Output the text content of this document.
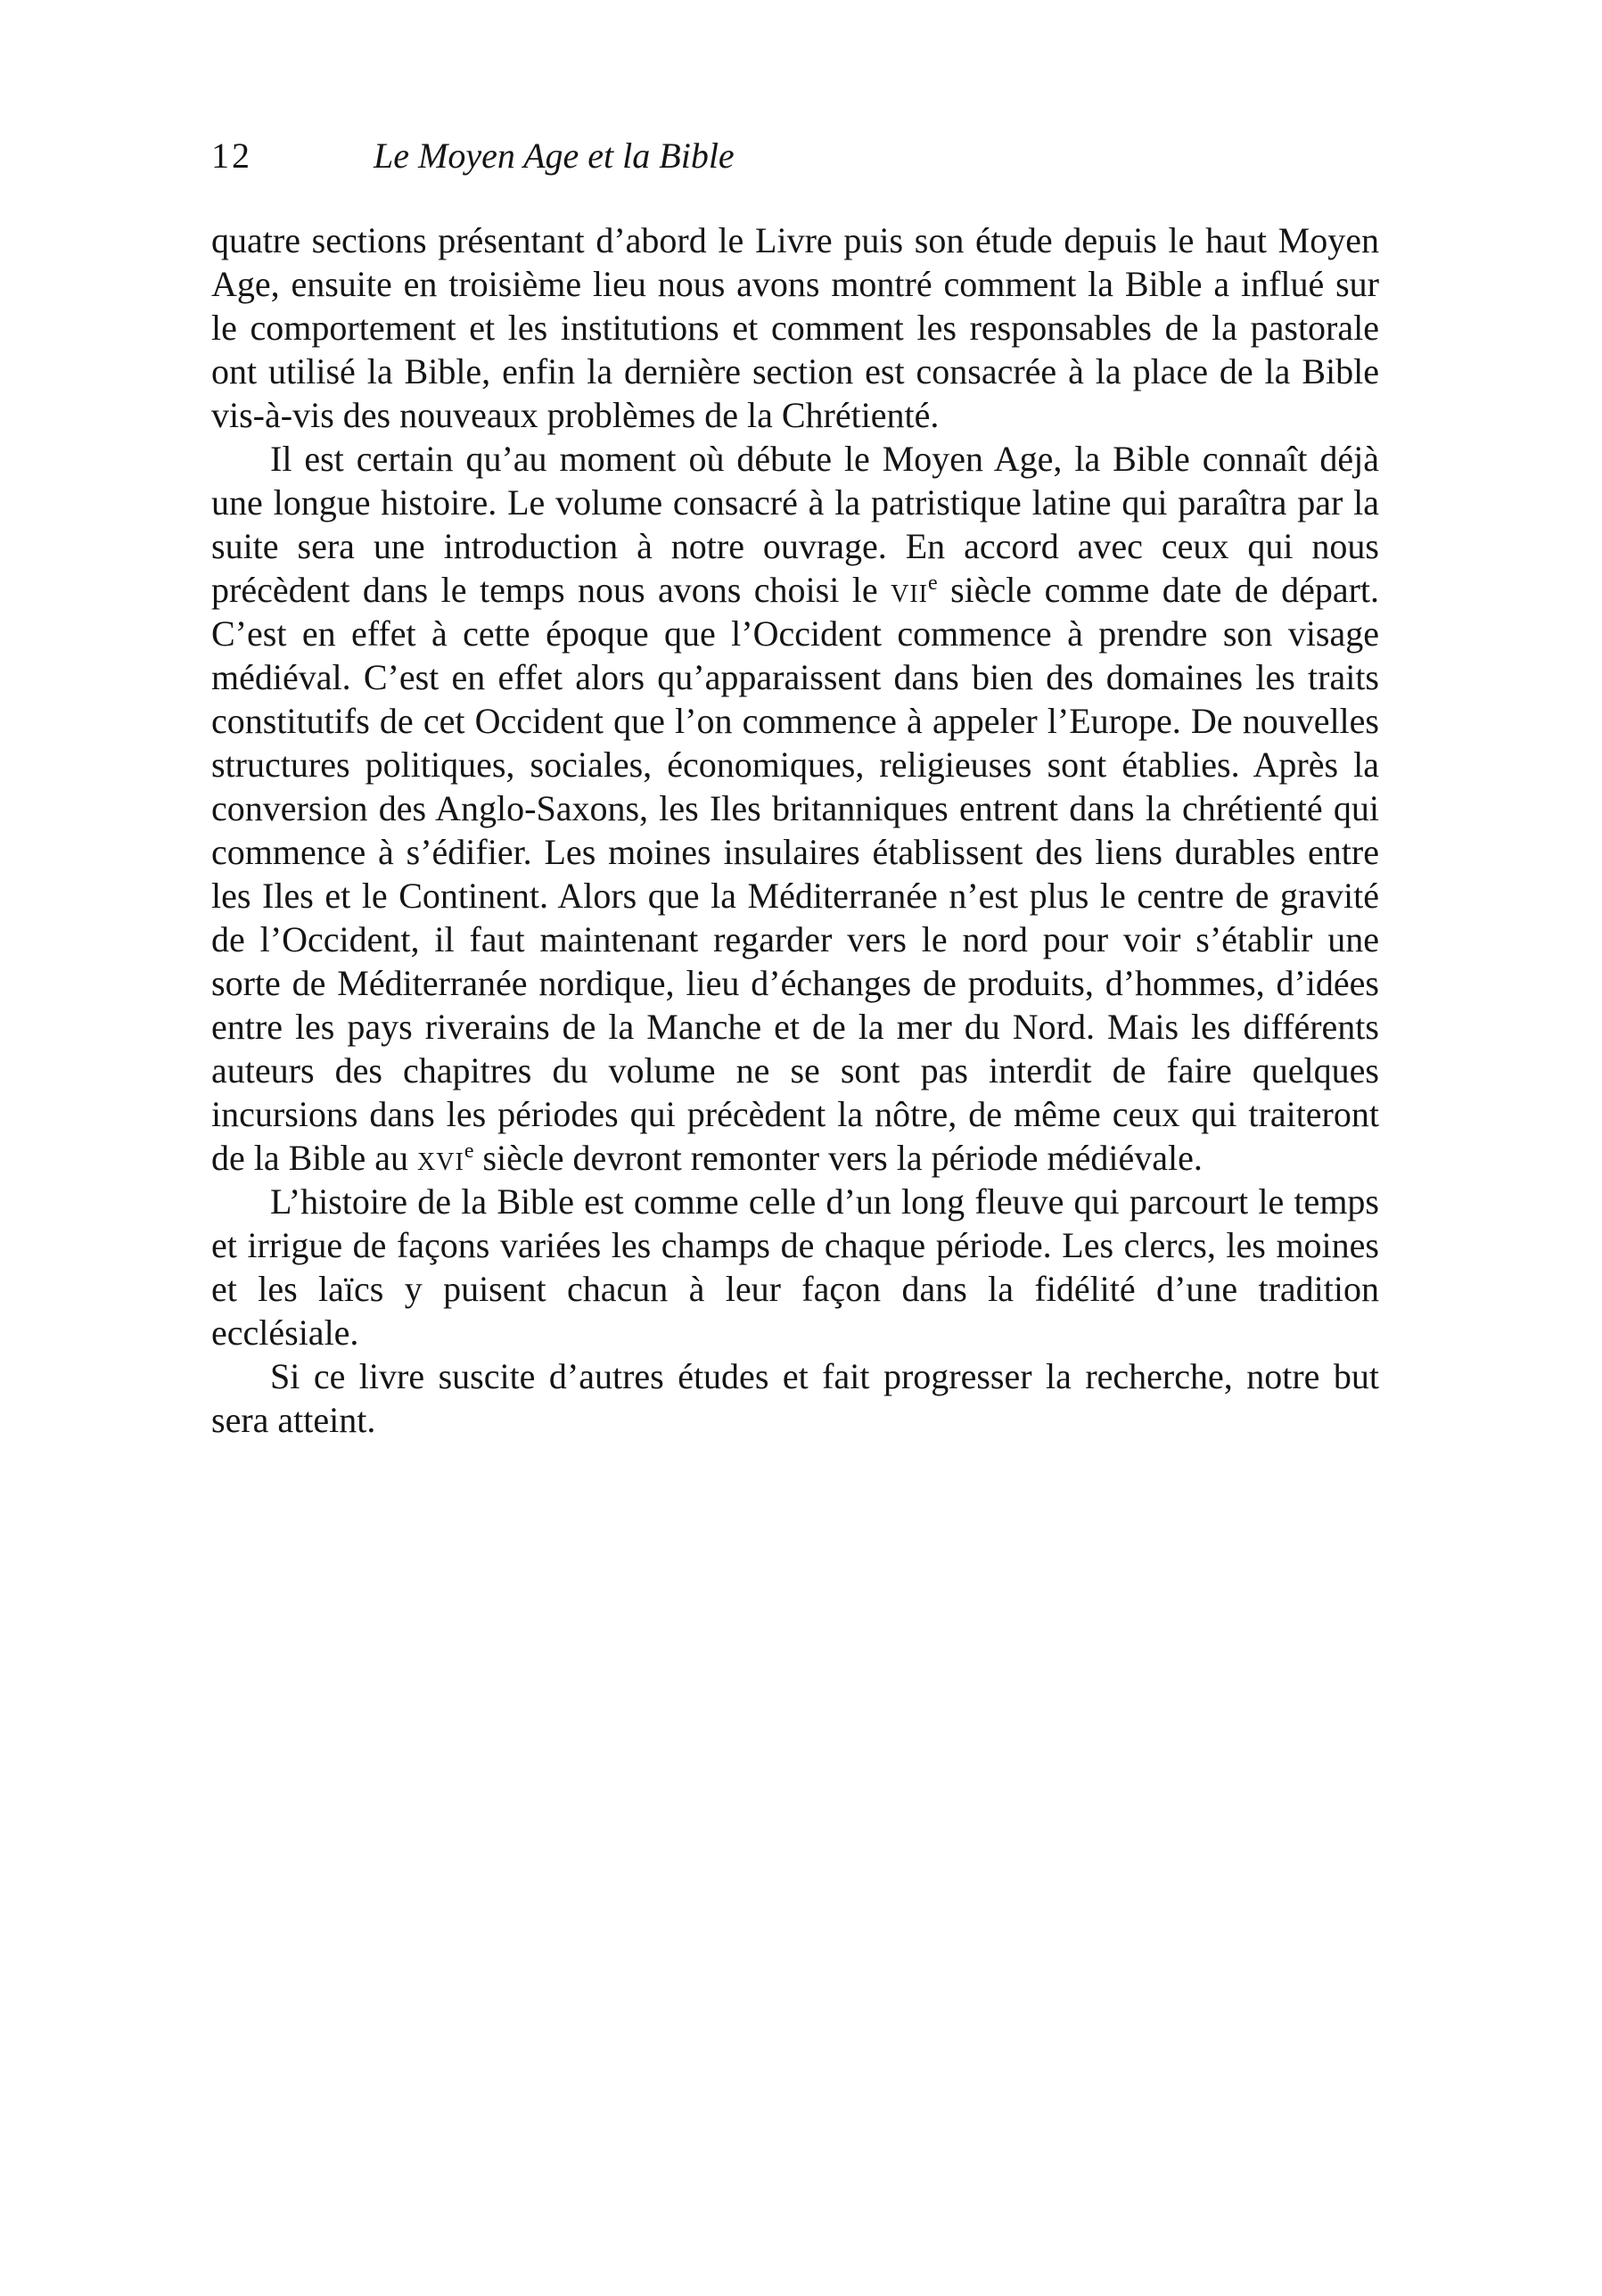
12	Le Moyen Age et la Bible

quatre sections présentant d’abord le Livre puis son étude depuis le haut Moyen Age, ensuite en troisième lieu nous avons montré comment la Bible a influé sur le comportement et les institutions et comment les responsables de la pastorale ont utilisé la Bible, enfin la dernière section est consacrée à la place de la Bible vis-à-vis des nouveaux problèmes de la Chrétienté.

Il est certain qu’au moment où débute le Moyen Age, la Bible connaît déjà une longue histoire. Le volume consacré à la patristique latine qui paraîtra par la suite sera une introduction à notre ouvrage. En accord avec ceux qui nous précèdent dans le temps nous avons choisi le vii$^e$ siècle comme date de départ. C’est en effet à cette époque que l’Occident commence à prendre son visage médiéval. C’est en effet alors qu’apparaissent dans bien des domaines les traits constitutifs de cet Occident que l’on commence à appeler l’Europe. De nouvelles structures politiques, sociales, économiques, religieuses sont établies. Après la conversion des Anglo-Saxons, les Iles britanniques entrent dans la chrétienté qui commence à s’édifier. Les moines insulaires établissent des liens durables entre les Iles et le Continent. Alors que la Méditerranée n’est plus le centre de gravité de l’Occident, il faut maintenant regarder vers le nord pour voir s’établir une sorte de Méditerranée nordique, lieu d’échanges de produits, d’hommes, d’idées entre les pays riverains de la Manche et de la mer du Nord. Mais les différents auteurs des chapitres du volume ne se sont pas interdit de faire quelques incursions dans les périodes qui précèdent la nôtre, de même ceux qui traiteront de la Bible au xvi$^e$ siècle devront remonter vers la période médiévale.

L’histoire de la Bible est comme celle d’un long fleuve qui parcourt le temps et irrigue de façons variées les champs de chaque période. Les clercs, les moines et les laïcs y puisent chacun à leur façon dans la fidélité d’une tradition ecclésiale.

Si ce livre suscite d’autres études et fait progresser la recherche, notre but sera atteint.
